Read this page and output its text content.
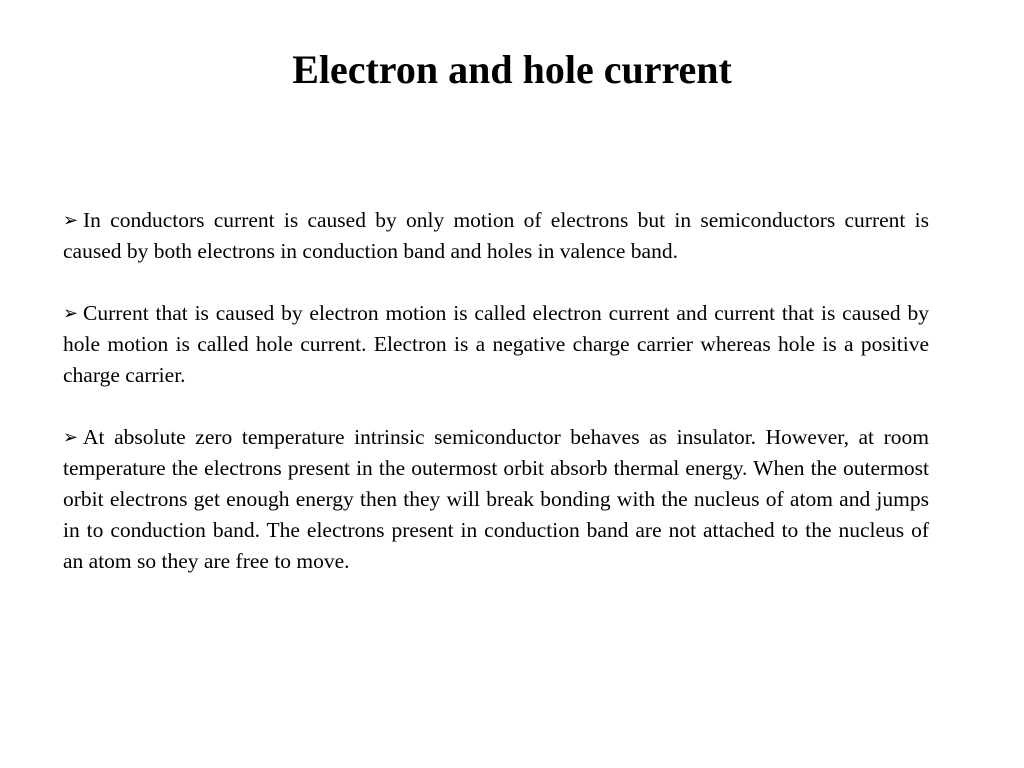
Electron and hole current

➢ In conductors current is caused by only motion of electrons but in semiconductors current is caused by both electrons in conduction band and holes in valence band.

➢ Current that is caused by electron motion is called electron current and current that is caused by hole motion is called hole current. Electron is a negative charge carrier whereas hole is a positive charge carrier.

➢ At absolute zero temperature intrinsic semiconductor behaves as insulator. However, at room temperature the electrons present in the outermost orbit absorb thermal energy. When the outermost orbit electrons get enough energy then they will break bonding with the nucleus of atom and jumps in to conduction band. The electrons present in conduction band are not attached to the nucleus of an atom so they are free to move.
